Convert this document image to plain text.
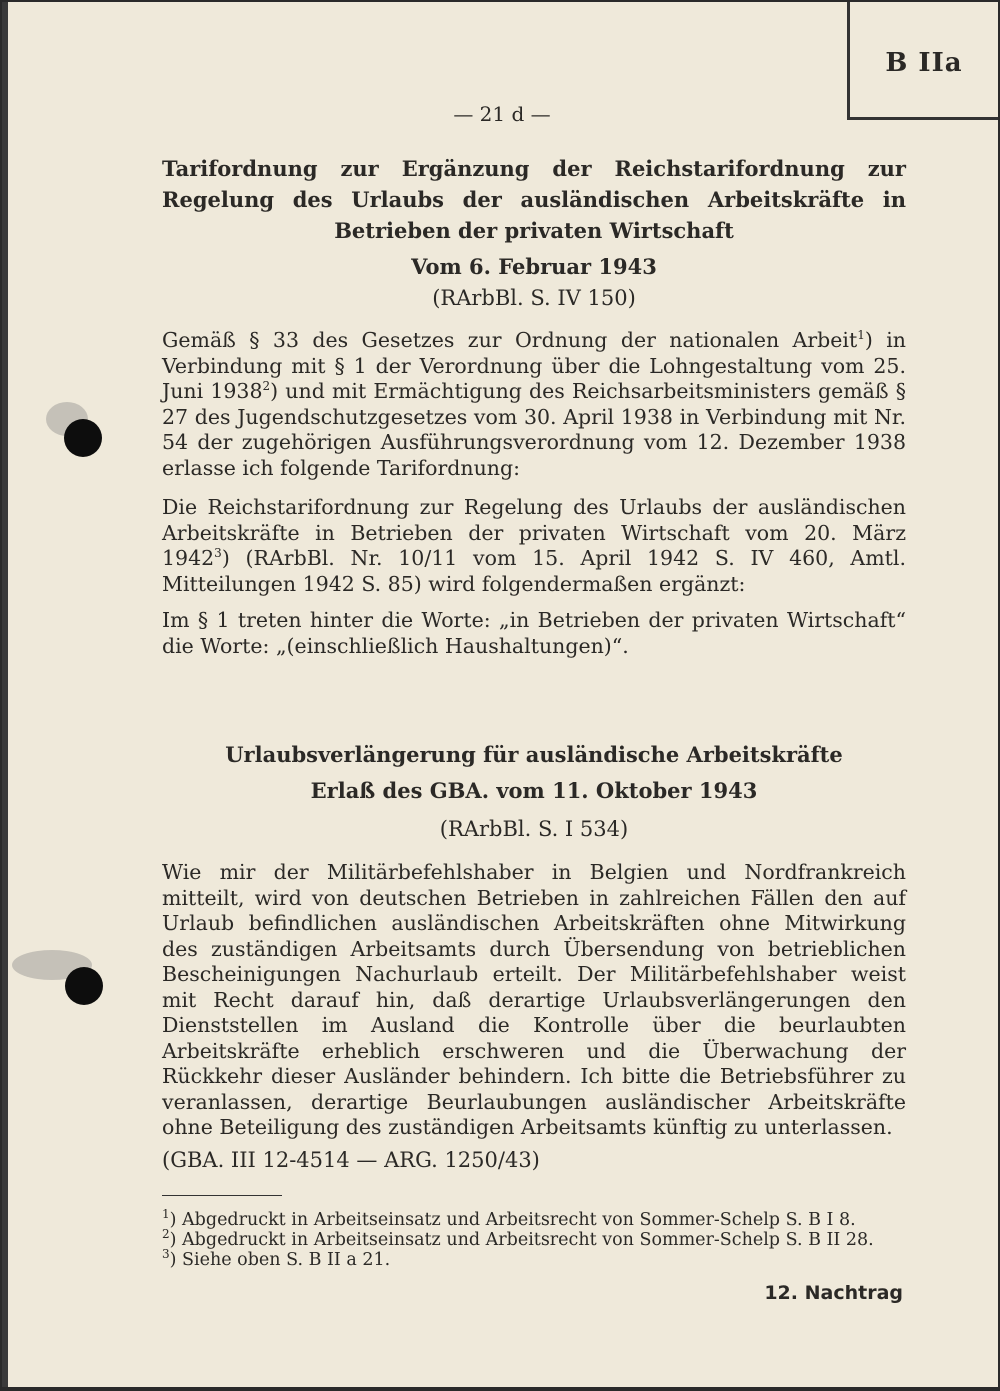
B IIa
— 21 d —
Tarifordnung zur Ergänzung der Reichstarifordnung zur Regelung des Urlaubs der ausländischen Arbeitskräfte in Betrieben der privaten Wirtschaft

Vom 6. Februar 1943

(RArbBl. S. IV 150)

Gemäß § 33 des Gesetzes zur Ordnung der nationalen Arbeit$^1$) in Verbindung mit § 1 der Verordnung über die Lohngestaltung vom 25. Juni 1938$^2$) und mit Ermächtigung des Reichsarbeitsministers gemäß § 27 des Jugendschutzgesetzes vom 30. April 1938 in Verbindung mit Nr. 54 der zugehörigen Ausführungsverordnung vom 12. Dezember 1938 erlasse ich folgende Tarifordnung:

Die Reichstarifordnung zur Regelung des Urlaubs der ausländischen Arbeitskräfte in Betrieben der privaten Wirtschaft vom 20. März 1942$^3$) (RArbBl. Nr. 10/11 vom 15. April 1942 S. IV 460, Amtl. Mitteilungen 1942 S. 85) wird folgendermaßen ergänzt:

Im § 1 treten hinter die Worte: „in Betrieben der privaten Wirtschaft“ die Worte: „(einschließlich Haushaltungen)“.

Urlaubsverlängerung für ausländische Arbeitskräfte

Erlaß des GBA. vom 11. Oktober 1943

(RArbBl. S. I 534)

Wie mir der Militärbefehlshaber in Belgien und Nordfrankreich mitteilt, wird von deutschen Betrieben in zahlreichen Fällen den auf Urlaub befindlichen ausländischen Arbeitskräften ohne Mitwirkung des zuständigen Arbeitsamts durch Übersendung von betrieblichen Bescheinigungen Nachurlaub erteilt. Der Militärbefehlshaber weist mit Recht darauf hin, daß derartige Urlaubsverlängerungen den Dienststellen im Ausland die Kontrolle über die beurlaubten Arbeitskräfte erheblich erschweren und die Überwachung der Rückkehr dieser Ausländer behindern. Ich bitte die Betriebsführer zu veranlassen, derartige Beurlaubungen ausländischer Arbeitskräfte ohne Beteiligung des zuständigen Arbeitsamts künftig zu unterlassen.

(GBA. III 12-4514 — ARG. 1250/43)

$^1$) Abgedruckt in Arbeitseinsatz und Arbeitsrecht von Sommer-Schelp S. B I 8.

$^2$) Abgedruckt in Arbeitseinsatz und Arbeitsrecht von Sommer-Schelp S. B II 28.

$^3$) Siehe oben S. B II a 21.

12. Nachtrag
